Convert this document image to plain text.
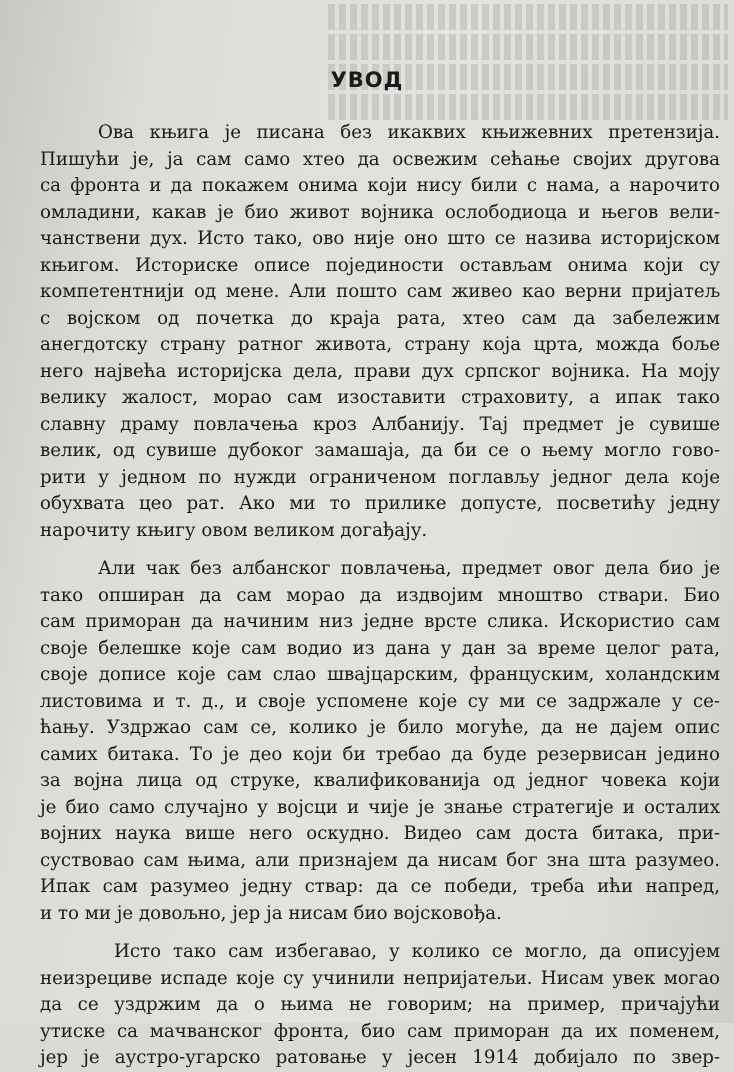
УВОД
Ова књига је писана без икаквих књижевних претензија.
Пишући је, ја сам само хтео да освежим сећање својих другова
са фронта и да покажем онима који нису били с нама, а нарочито
омладини, какав је био живот војника ослободиоца и његов вели-
чанствени дух. Исто тако, ово није оно што се назива историјском
књигом. Историске описе појединости остављам онима који су
компетентнији од мене. Али пошто сам живео као верни пријатељ
с војском од почетка до краја рата, хтео сам да забележим
анегдотску страну ратног живота, страну која црта, можда боље
него највећа историјска дела, прави дух српског војника. На моју
велику жалост, морао сам изоставити страховиту, а ипак тако
славну драму повлачења кроз Албанију. Тај предмет је сувише
велик, од сувише дубоког замашаја, да би се о њему могло гово-
рити у једном по нужди ограниченом поглављу једног дела које
обухвата цео рат. Ако ми то прилике допусте, посветићу једну
нарочиту књигу овом великом догађају.
Али чак без албанског повлачења, предмет овог дела био је
тако опширан да сам морао да издвојим мноштво ствари. Био
сам приморан да начиним низ једне врсте слика. Искористио сам
своје белешке које сам водио из дана у дан за време целог рата,
своје дописе које сам слао швајцарским, француским, холандским
листовима и т. д., и своје успомене које су ми се задржале у се-
ћању. Уздржао сам се, колико је било могуће, да не дајем опис
самих битака. То је део који би требао да буде резервисан једино
за војна лица од струке, квалификованија од једног човека који
је био само случајно у војсци и чије је знање стратегије и осталих
војних наука више него оскудно. Видео сам доста битака, при-
суствовао сам њима, али признајем да нисам бог зна шта разумео.
Ипак сам разумео једну ствар: да се победи, треба ићи напред,
и то ми је довољно, јер ја нисам био војсковођа.
Исто тако сам избегавао, у колико се могло, да описујем
неизрециве испаде које су учинили непријатељи. Нисам увек могао
да се уздржим да о њима не говорим; на пример, причајући
утиске са мачванског фронта, био сам приморан да их поменем,
јер је аустро-угарско ратовање у јесен 1914 добијало по звер-
